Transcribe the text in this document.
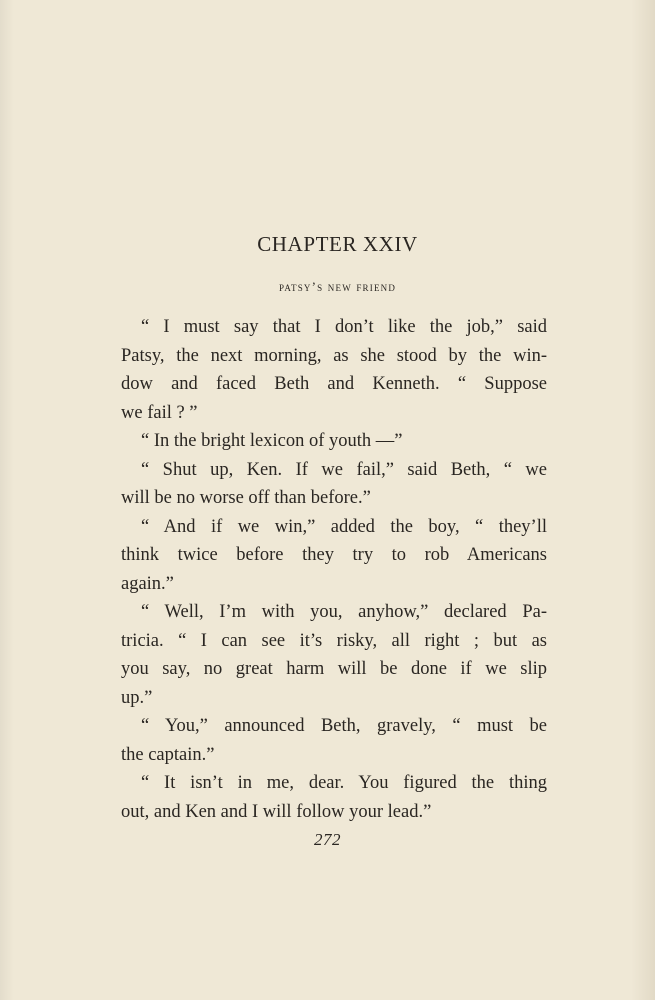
CHAPTER XXIV
patsy’s new friend
“ I must say that I don’t like the job,” said
Patsy, the next morning, as she stood by the win-
dow and faced Beth and Kenneth. “ Suppose
we fail ? ”
“ In the bright lexicon of youth —”
“ Shut up, Ken. If we fail,” said Beth, “ we
will be no worse off than before.”
“ And if we win,” added the boy, “ they’ll
think twice before they try to rob Americans
again.”
“ Well, I’m with you, anyhow,” declared Pa-
tricia. “ I can see it’s risky, all right ; but as
you say, no great harm will be done if we slip
up.”
“ You,” announced Beth, gravely, “ must be
the captain.”
“ It isn’t in me, dear. You figured the thing
out, and Ken and I will follow your lead.”
272
